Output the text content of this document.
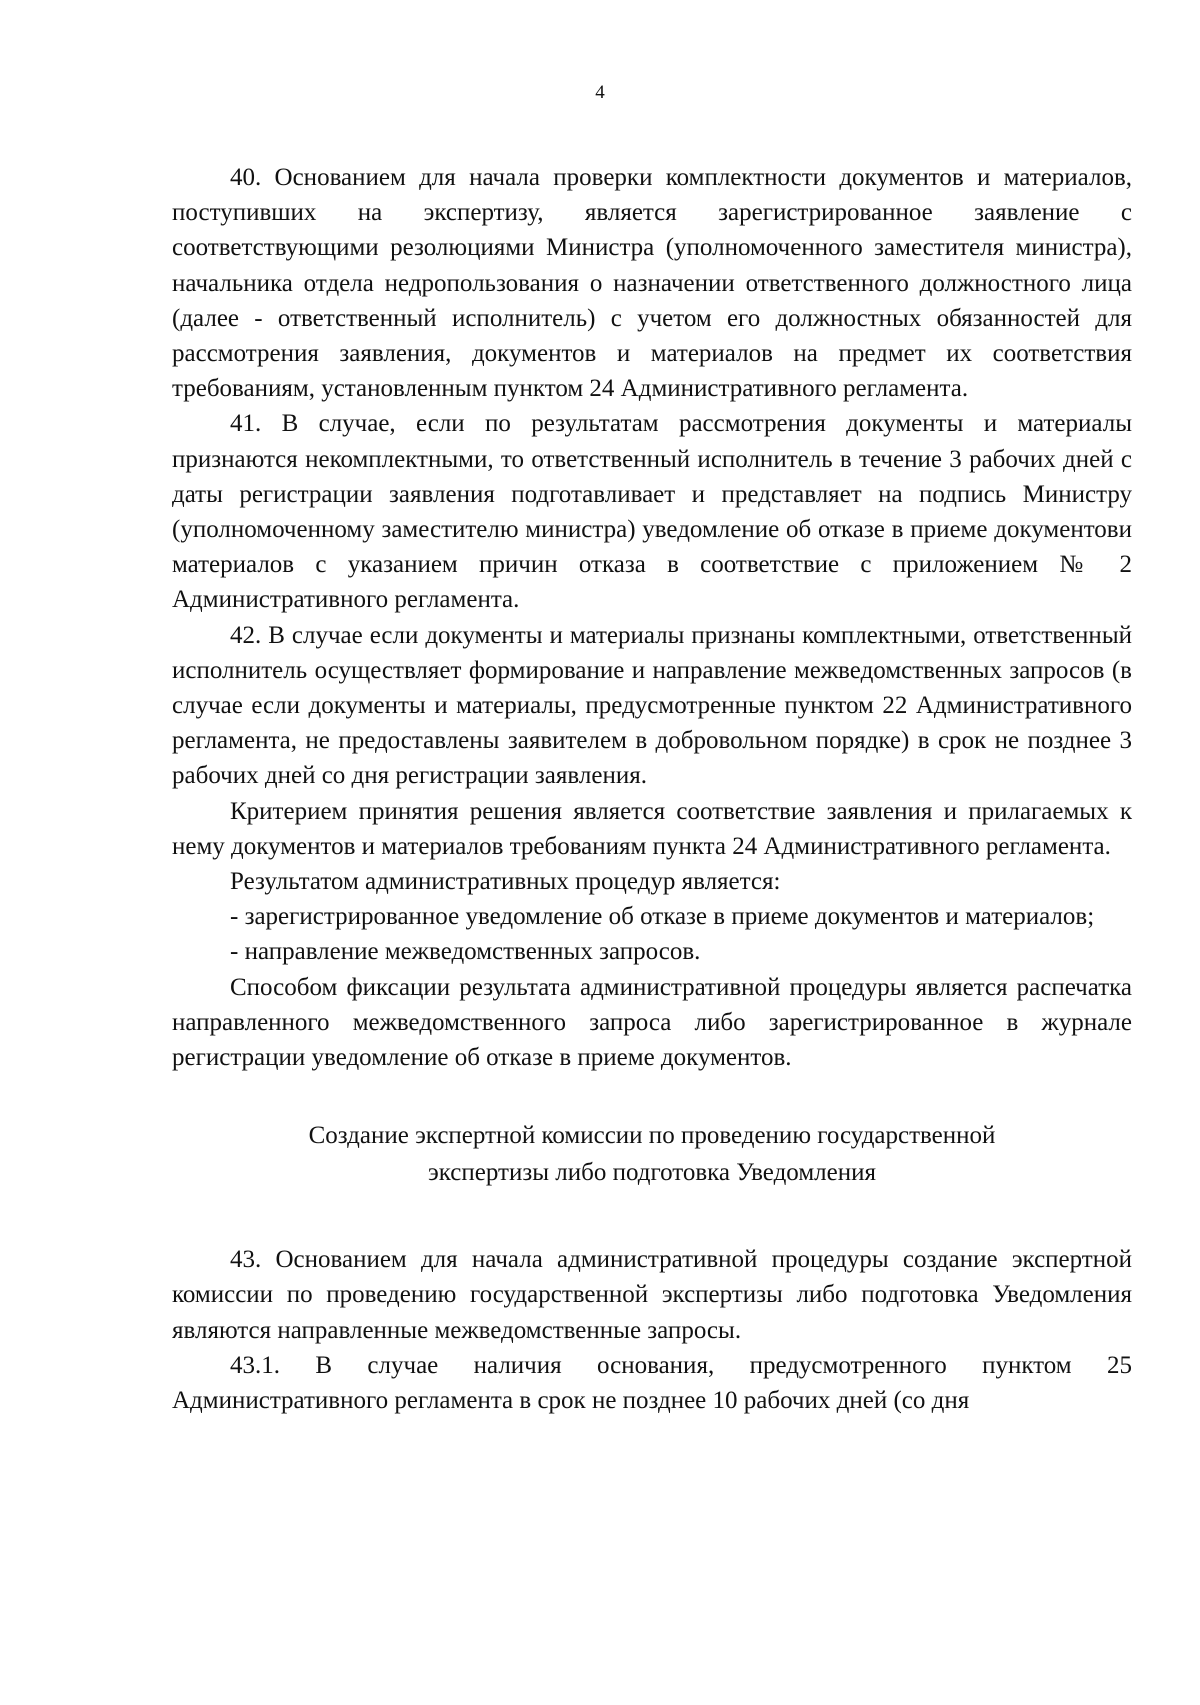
4

40. Основанием для начала проверки комплектности документов и материалов, поступивших на экспертизу, является зарегистрированное заявление с соответствующими резолюциями Министра (уполномоченного заместителя министра), начальника отдела недропользования о назначении ответственного должностного лица (далее - ответственный исполнитель) с учетом его должностных обязанностей для рассмотрения заявления, документов и материалов на предмет их соответствия требованиям, установленным пунктом 24 Административного регламента.

41. В случае, если по результатам рассмотрения документы и материалы признаются некомплектными, то ответственный исполнитель в течение 3 рабочих дней с даты регистрации заявления подготавливает и представляет на подпись Министру (уполномоченному заместителю министра) уведомление об отказе в приеме документови материалов с указанием причин отказа в соответствие с приложением № 2 Административного регламента.

42. В случае если документы и материалы признаны комплектными, ответственный исполнитель осуществляет формирование и направление межведомственных запросов (в случае если документы и материалы, предусмотренные пунктом 22 Административного регламента, не предоставлены заявителем в добровольном порядке) в срок не позднее 3 рабочих дней со дня регистрации заявления.

Критерием принятия решения является соответствие заявления и прилагаемых к нему документов и материалов требованиям пункта 24 Административного регламента.

Результатом административных процедур является:

- зарегистрированное уведомление об отказе в приеме документов и материалов;

- направление межведомственных запросов.

Способом фиксации результата административной процедуры является распечатка направленного межведомственного запроса либо зарегистрированное в журнале регистрации уведомление об отказе в приеме документов.

Создание экспертной комиссии по проведению государственной
экспертизы либо подготовка Уведомления

43. Основанием для начала административной процедуры создание экспертной комиссии по проведению государственной экспертизы либо подготовка Уведомления являются направленные межведомственные запросы.

43.1. В случае наличия основания, предусмотренного пунктом 25 Административного регламента в срок не позднее 10 рабочих дней (со дня
